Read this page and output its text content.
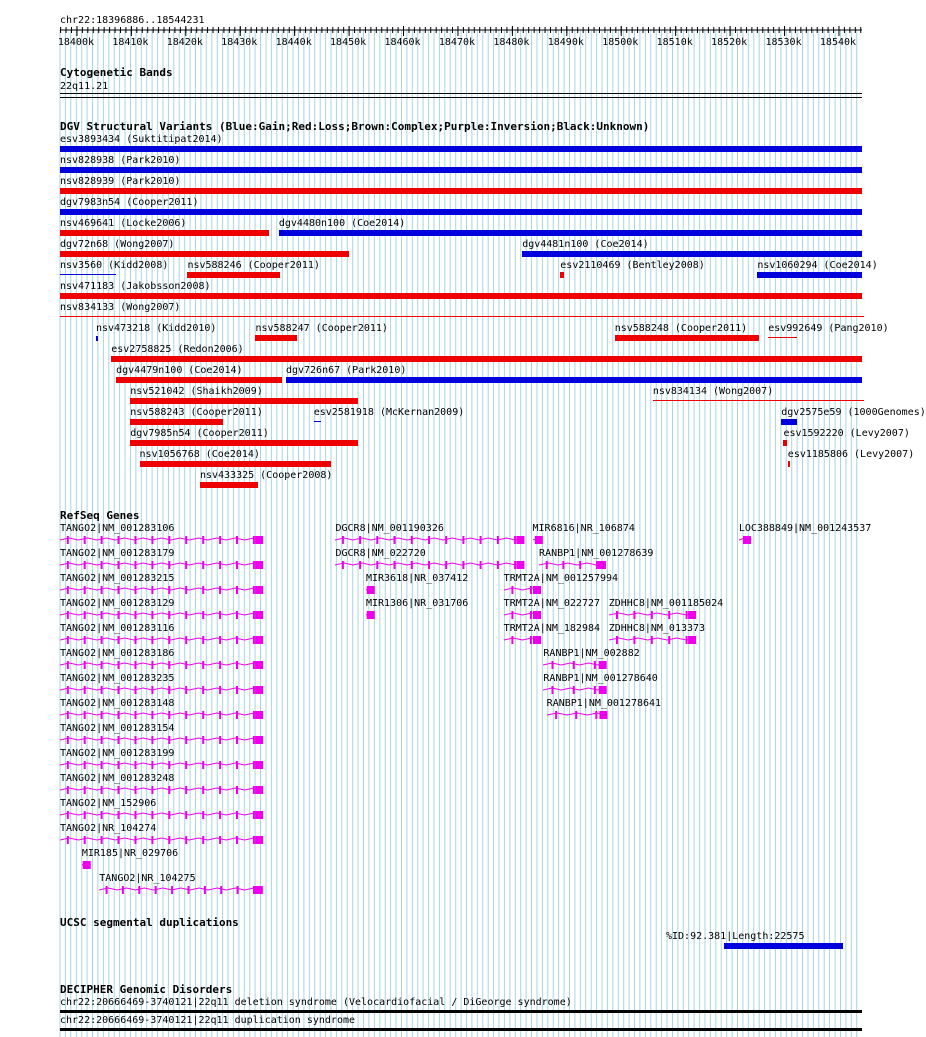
chr22:18396886..18544231
18400k 18410k 18420k 18430k 18440k 18450k 18460k 18470k 18480k 18490k 18500k 18510k 18520k 18530k 18540k
Cytogenetic Bands
22q11.21
DGV Structural Variants (Blue:Gain;Red:Loss;Brown:Complex;Purple:Inversion;Black:Unknown)
esv3893434 (Suktitipat2014)
nsv828938 (Park2010)
nsv828939 (Park2010)
dgv7983n54 (Cooper2011)
nsv469641 (Locke2006)	dgv4480n100 (Coe2014)
dgv72n68 (Wong2007)	dgv4481n100 (Coe2014)
nsv3560 (Kidd2008) nsv588246 (Cooper2011)	esv2110469 (Bentley2008)	nsv1060294 (Coe2014)
nsv471183 (Jakobsson2008)
nsv834133 (Wong2007)
nsv473218 (Kidd2010)	nsv588247 (Cooper2011)	nsv588248 (Cooper2011) esv992649 (Pang2010)
esv2758825 (Redon2006)
dgv4479n100 (Coe2014)	dgv726n67 (Park2010)
nsv521042 (Shaikh2009)	nsv834134 (Wong2007)
nsv588243 (Cooper2011)	esv2581918 (McKernan2009)	dgv2575e59 (1000Genomes)
dgv7985n54 (Cooper2011)	esv1592220 (Levy2007)
nsv1056768 (Coe2014)	esv1185806 (Levy2007)
nsv433325 (Cooper2008)
RefSeq Genes
TANGO2|NM_001283106	DGCR8|NM_001190326	MIR6816|NR_106874	LOC388849|NM_001243537
TANGO2|NM_001283179	DGCR8|NM_022720	RANBP1|NM_001278639
TANGO2|NM_001283215	MIR3618|NR_037412	TRMT2A|NM_001257994
TANGO2|NM_001283129	MIR1306|NR_031706	TRMT2A|NM_022727 ZDHHC8|NM_001185024
TANGO2|NM_001283116	TRMT2A|NM_182984 ZDHHC8|NM_013373
TANGO2|NM_001283186	RANBP1|NM_002882
TANGO2|NM_001283235	RANBP1|NM_001278640
TANGO2|NM_001283148	RANBP1|NM_001278641
TANGO2|NM_001283154
TANGO2|NM_001283199
TANGO2|NM_001283248
TANGO2|NM_152906
TANGO2|NR_104274
MIR185|NR_029706
TANGO2|NR_104275
UCSC segmental duplications
%ID:92.381|Length:22575
DECIPHER Genomic Disorders
chr22:20666469-3740121|22q11 deletion syndrome (Velocardiofacial / DiGeorge syndrome)
chr22:20666469-3740121|22q11 duplication syndrome
